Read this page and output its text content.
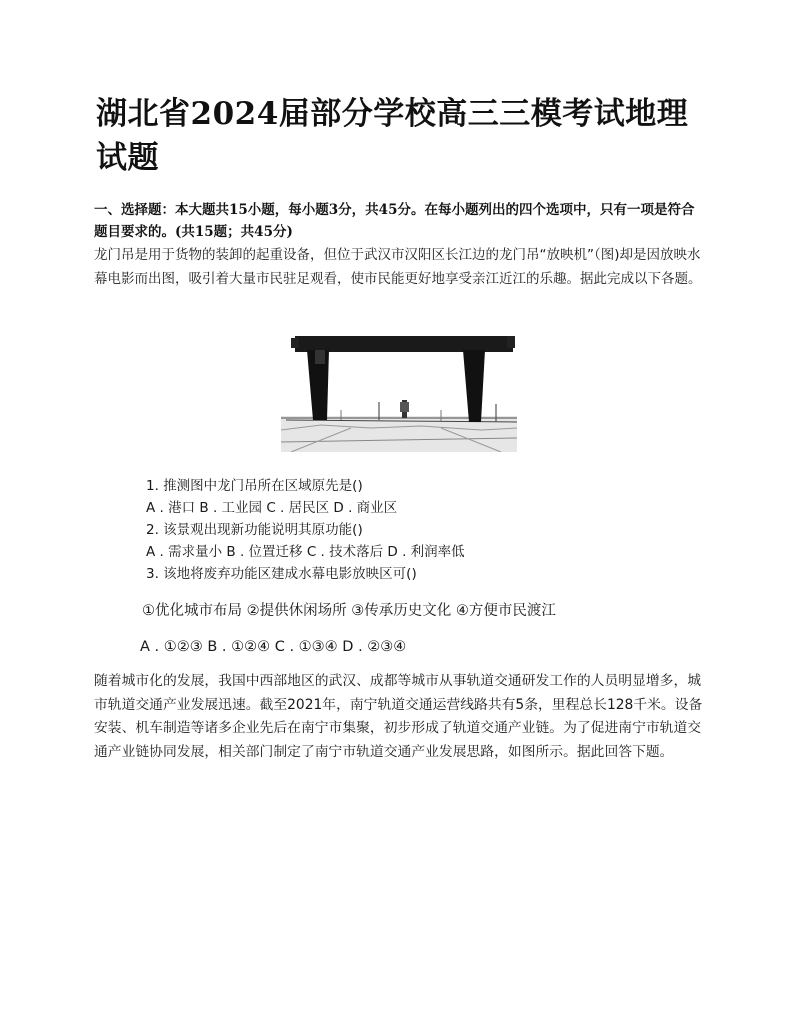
湖北省2024届部分学校高三三模考试地理试题
一、选择题：本大题共15小题，每小题3分，共45分。在每小题列出的四个选项中，只有一项是符合题目要求的。(共15题；共45分)
龙门吊是用于货物的装卸的起重设备，但位于武汉市汉阳区长江边的龙门吊“放映机”（图)却是因放映水幕电影而出图，吸引着大量市民驻足观看，使市民能更好地享受亲江近江的乐趣。据此完成以下各题。
1. 推测图中龙门吊所在区域原先是()
A . 港口 B . 工业园 C . 居民区 D . 商业区
2. 该景观出现新功能说明其原功能()
A . 需求量小 B . 位置迁移 C . 技术落后 D . 利润率低
3. 该地将废弃功能区建成水幕电影放映区可()
①优化城市布局 ②提供休闲场所 ③传承历史文化 ④方便市民渡江
A . ①②③ B . ①②④ C . ①③④ D . ②③④
随着城市化的发展，我国中西部地区的武汉、成都等城市从事轨道交通研发工作的人员明显增多，城市轨道交通产业发展迅速。截至2021年，南宁轨道交通运营线路共有5条，里程总长128千米。设备安装、机车制造等诸多企业先后在南宁市集聚，初步形成了轨道交通产业链。为了促进南宁市轨道交通产业链协同发展，相关部门制定了南宁市轨道交通产业发展思路，如图所示。据此回答下题。
